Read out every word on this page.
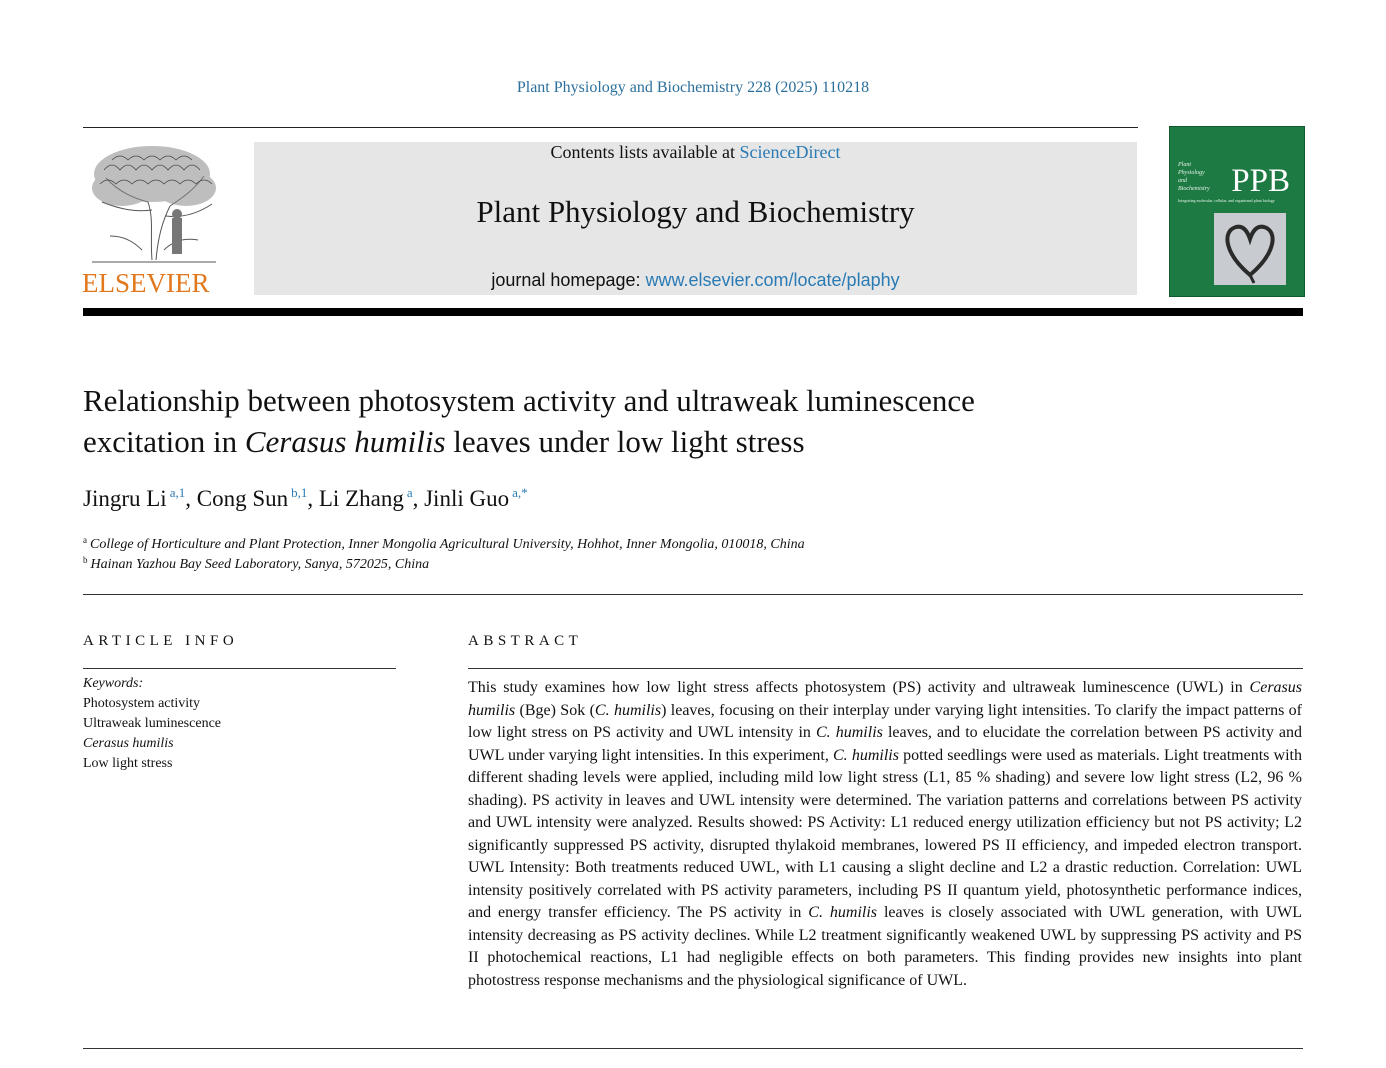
Plant Physiology and Biochemistry 228 (2025) 110218
ELSEVIER
Contents lists available at ScienceDirect
Plant Physiology and Biochemistry
journal homepage: www.elsevier.com/locate/plaphy
Plant
Physiology
and
Biochemistry PPB
Integrating molecular, cellular, and organismal plant biology
Relationship between photosystem activity and ultraweak luminescence
excitation in Cerasus humilis leaves under low light stress
Jingru Li $^{a,1}$, Cong Sun $^{b,1}$, Li Zhang $^a$, Jinli Guo $^{a,*}$
$^a$ College of Horticulture and Plant Protection, Inner Mongolia Agricultural University, Hohhot, Inner Mongolia, 010018, China
$^b$ Hainan Yazhou Bay Seed Laboratory, Sanya, 572025, China
ARTICLE INFO
Keywords:
Photosystem activity
Ultraweak luminescence
Cerasus humilis
Low light stress
ABSTRACT
This study examines how low light stress affects photosystem (PS) activity and ultraweak luminescence (UWL) in Cerasus humilis (Bge) Sok (C. humilis) leaves, focusing on their interplay under varying light intensities. To clarify the impact patterns of low light stress on PS activity and UWL intensity in C. humilis leaves, and to elucidate the correlation between PS activity and UWL under varying light intensities. In this experiment, C. humilis potted seedlings were used as materials. Light treatments with different shading levels were applied, including mild low light stress (L1, 85 % shading) and severe low light stress (L2, 96 % shading). PS activity in leaves and UWL intensity were determined. The variation patterns and correlations between PS activity and UWL intensity were analyzed. Results showed: PS Activity: L1 reduced energy utilization efficiency but not PS activity; L2 significantly suppressed PS activity, disrupted thylakoid membranes, lowered PS II efficiency, and impeded electron transport. UWL Intensity: Both treatments reduced UWL, with L1 causing a slight decline and L2 a drastic reduction. Correlation: UWL intensity positively correlated with PS activity parameters, including PS II quantum yield, photosynthetic performance indices, and energy transfer efficiency. The PS activity in C. humilis leaves is closely associated with UWL generation, with UWL intensity decreasing as PS activity declines. While L2 treatment significantly weakened UWL by suppressing PS activity and PS II photochemical reactions, L1 had negligible effects on both parameters. This finding provides new insights into plant photostress response mechanisms and the physiological significance of UWL.
